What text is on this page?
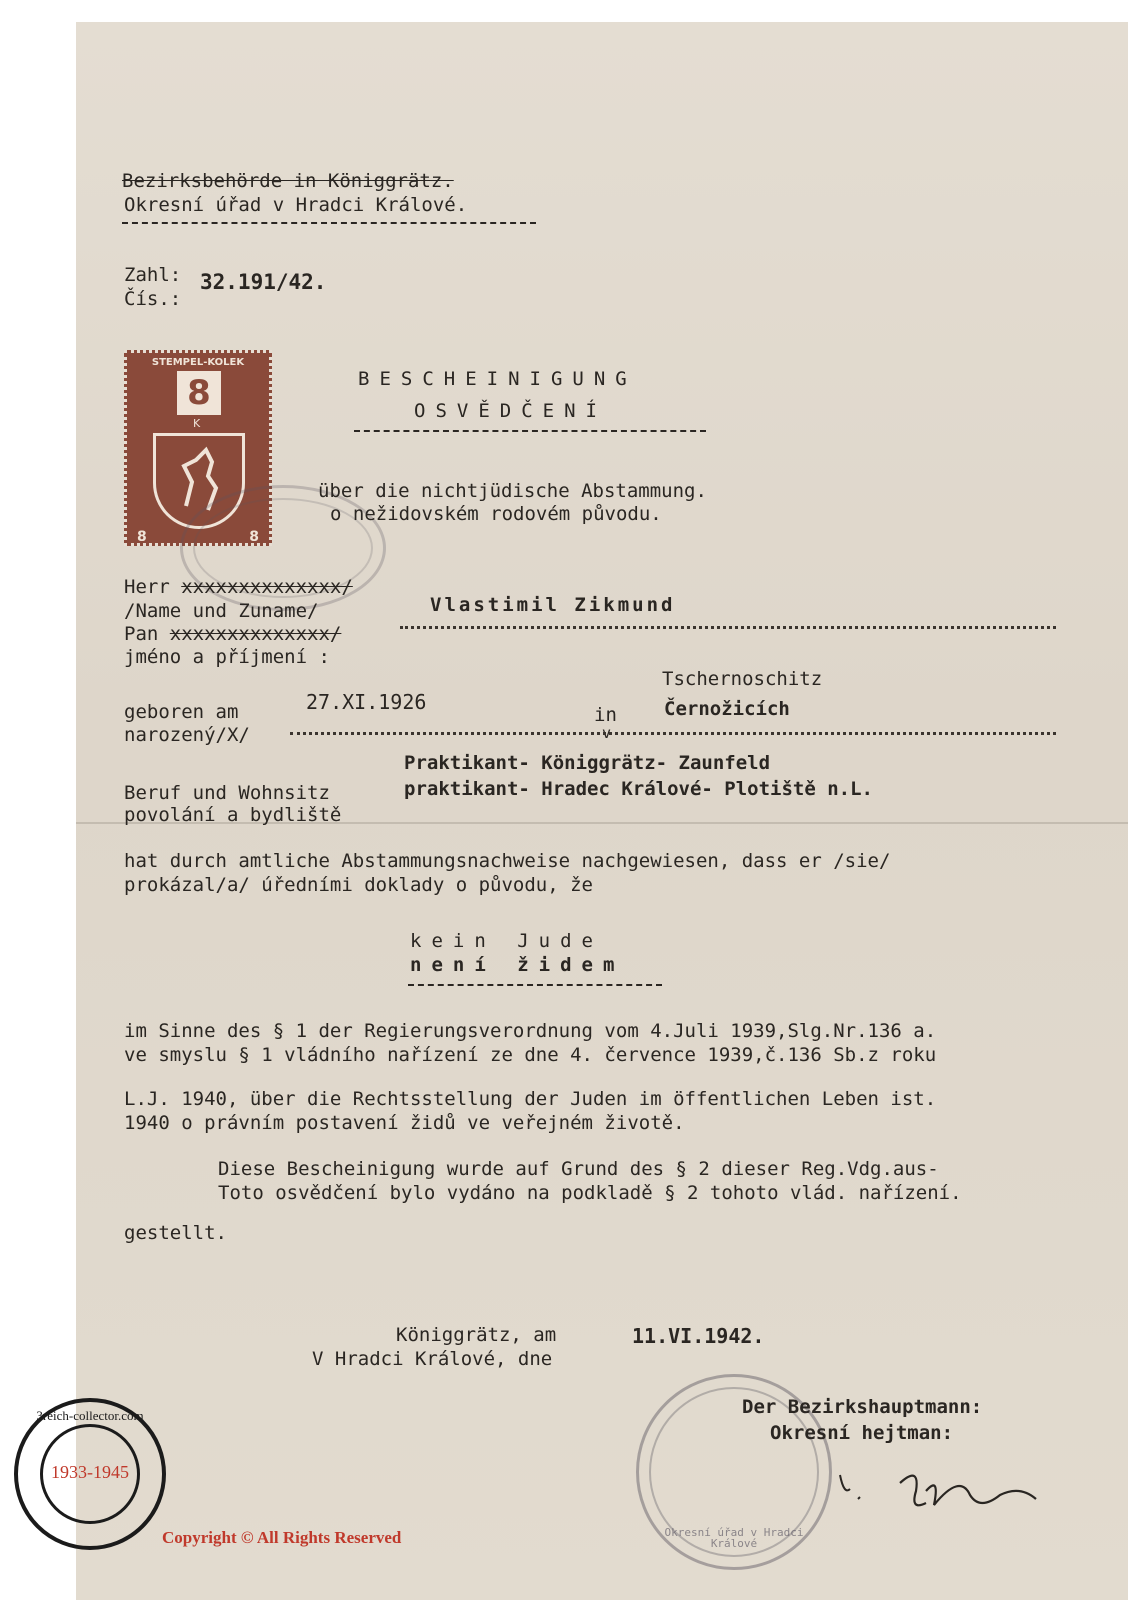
Bezirksbehörde in Königgrätz.
Okresní úřad v Hradci Králové.
Zahl:
Čís.:
32.191/42.
STEMPEL-KOLEK
8
K
8	8
BESCHEINIGUNG
OSVĚDČENÍ
über die nichtjüdische Abstammung.
o nežidovském rodovém původu.
Herr xxxxxxxxxxxxxx/
/Name und Zuname/
Pan xxxxxxxxxxxxxx/
jméno a příjmení :
Vlastimil Zikmund
Tschernoschitz
Černožicích
geboren am
narozený/X/
27.XI.1926
in
v
Praktikant- Königgrätz- Zaunfeld
praktikant- Hradec Králové- Plotiště n.L.
Beruf und Wohnsitz
povolání a bydliště
hat durch amtliche Abstammungsnachweise nachgewiesen, dass er /sie/
prokázal/a/ úředními doklady o původu, že
kein Jude
není židem
im Sinne des § 1 der Regierungsverordnung vom 4.Juli 1939,Slg.Nr.136 a.
ve smyslu § 1 vládního nařízení ze dne 4. července 1939,č.136 Sb.z roku
L.J. 1940, über die Rechtsstellung der Juden im öffentlichen Leben ist.
1940 o právním postavení židů ve veřejném životě.
Diese Bescheinigung wurde auf Grund des § 2 dieser Reg.Vdg.aus-
Toto osvědčení bylo vydáno na podkladě § 2 tohoto vlád. nařízení.
gestellt.
Königgrätz, am
V Hradci Králové, dne
11.VI.1942.
Okresní úřad v Hradci Králové
Der Bezirkshauptmann:
Okresní hejtman:
3reich-collector.com
1933-1945
Copyright © All Rights Reserved
